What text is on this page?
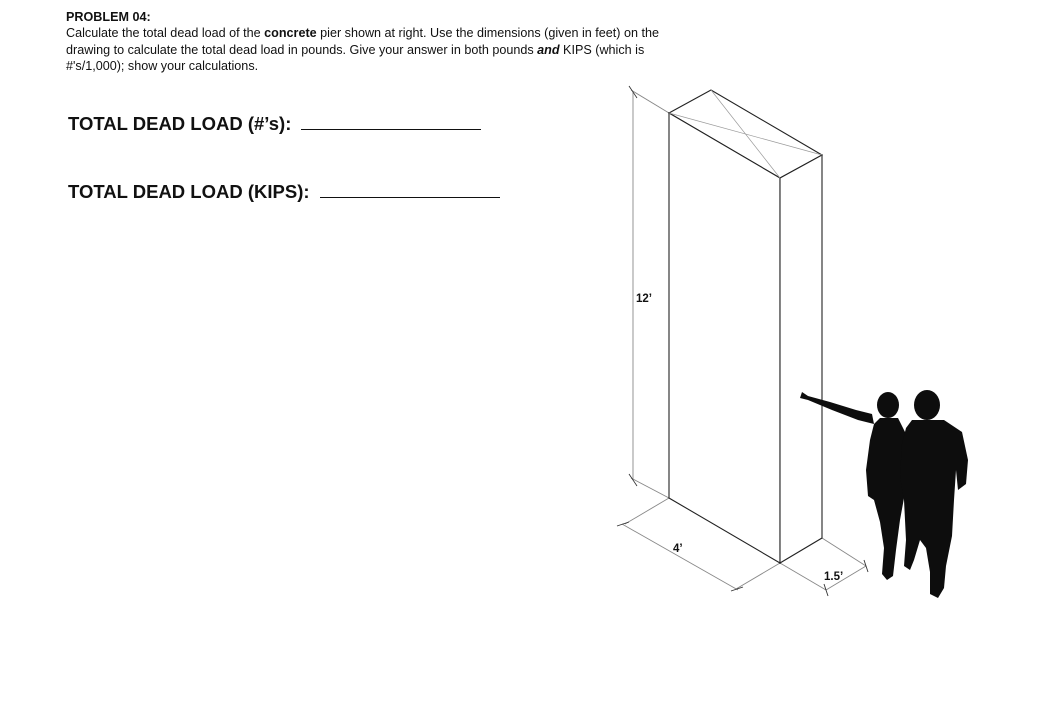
PROBLEM 04:
Calculate the total dead load of the concrete pier shown at right. Use the dimensions (given in feet) on the drawing to calculate the total dead load in pounds. Give your answer in both pounds and KIPS (which is #'s/1,000); show your calculations.
TOTAL DEAD LOAD (#’s):
TOTAL DEAD LOAD (KIPS):
12’
4’
1.5’
